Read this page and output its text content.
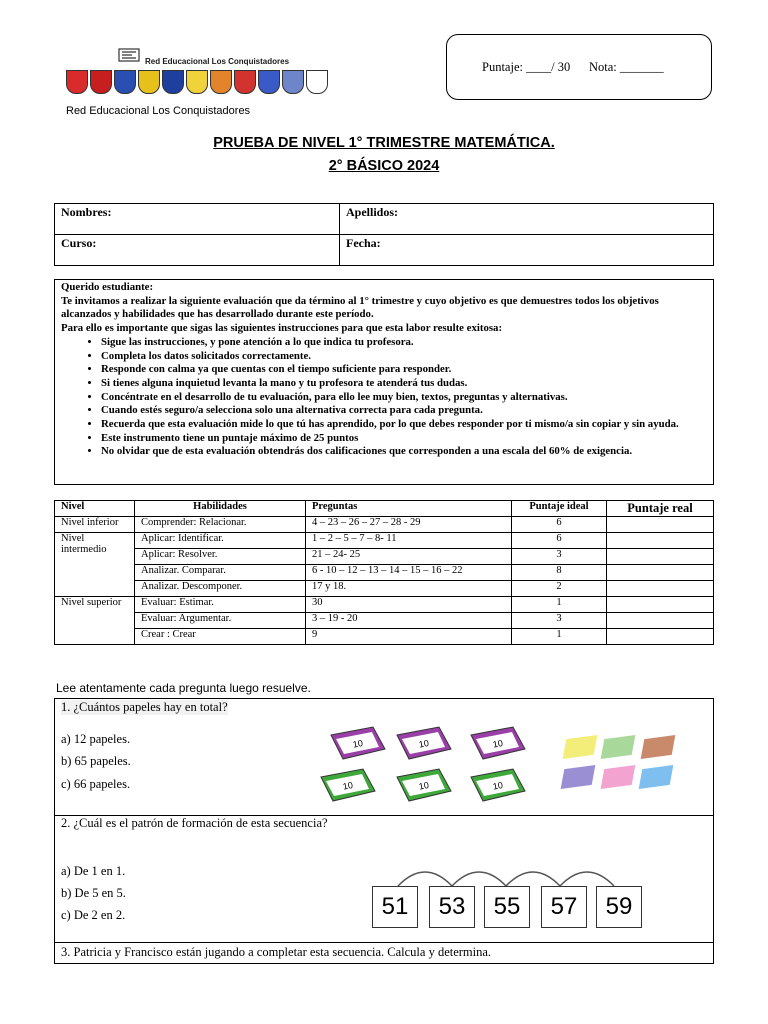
Red Educacional Los Conquistadores
Red Educacional Los Conquistadores
Puntaje: ____/ 30 Nota: _______
PRUEBA DE NIVEL 1° TRIMESTRE MATEMÁTICA.
2° BÁSICO 2024
Nombres:	Apellidos:
Curso:	Fecha:

Querido estudiante:

Te invitamos a realizar la siguiente evaluación que da término al 1° trimestre y cuyo objetivo es que demuestres todos los objetivos alcanzados y habilidades que has desarrollado durante este período.

Para ello es importante que sigas las siguientes instrucciones para que esta labor resulte exitosa:

• Sigue las instrucciones, y pone atención a lo que indica tu profesora.
• Completa los datos solicitados correctamente.
• Responde con calma ya que cuentas con el tiempo suficiente para responder.
• Si tienes alguna inquietud levanta la mano y tu profesora te atenderá tus dudas.
• Concéntrate en el desarrollo de tu evaluación, para ello lee muy bien, textos, preguntas y alternativas.
• Cuando estés seguro/a selecciona solo una alternativa correcta para cada pregunta.
• Recuerda que esta evaluación mide lo que tú has aprendido, por lo que debes responder por ti mismo/a sin copiar y sin ayuda.
• Este instrumento tiene un puntaje máximo de 25 puntos
• No olvidar que de esta evaluación obtendrás dos calificaciones que corresponden a una escala del 60% de exigencia.
Nivel	Habilidades	Preguntas	Puntaje ideal	Puntaje real
Nivel inferior	Comprender: Relacionar.	4 – 23 – 26 – 27 – 28 - 29	6	
Nivel intermedio	Aplicar: Identificar.	1 – 2 – 5 – 7 – 8- 11	6	
	Aplicar: Resolver.	21 – 24- 25	3	
	Analizar. Comparar.	6 - 10 – 12 – 13 – 14 – 15 – 16 – 22	8	
	Analizar. Descomponer.	17 y 18.	2	
Nivel superior	Evaluar: Estimar.	30	1	
	Evaluar: Argumentar.	3 – 19 - 20	3	
	Crear : Crear	9	1	
Lee atentamente cada pregunta luego resuelve.
1. ¿Cuántos papeles hay en total?
a) 12 papeles.
b) 65 papeles.
c) 66 papeles.
10	10	10
10	10	10
2. ¿Cuál es el patrón de formación de esta secuencia?
a) De 1 en 1.
b) De 5 en 5.
c) De 2 en 2.	51	53	55	57	59
3. Patricia y Francisco están jugando a completar esta secuencia. Calcula y determina.
